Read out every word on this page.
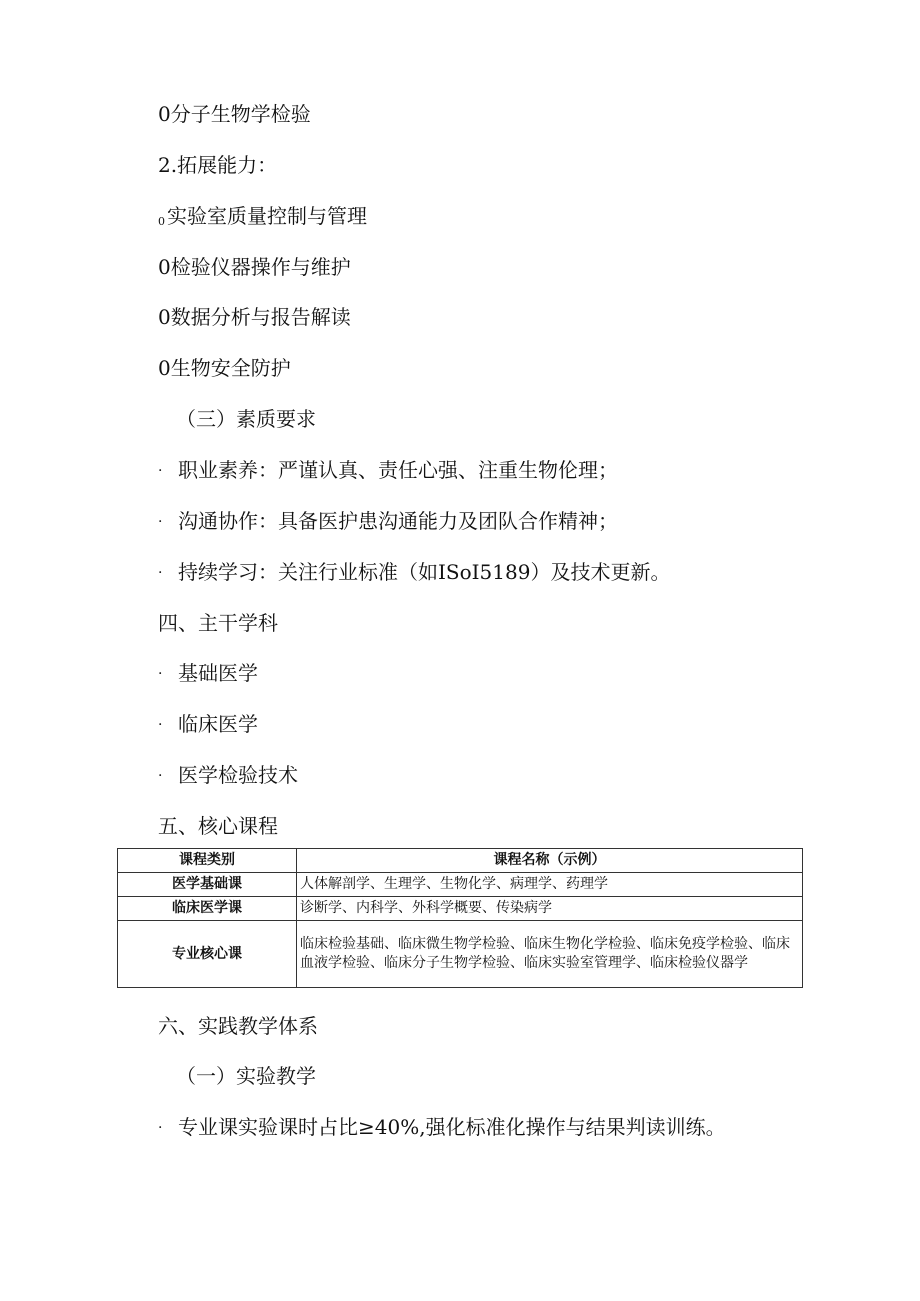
0分子生物学检验
2.拓展能力：
0 实验室质量控制与管理
0检验仪器操作与维护
0数据分析与报告解读
0生物安全防护
（三）素质要求
· 职业素养：严谨认真、责任心强、注重生物伦理；
· 沟通协作：具备医护患沟通能力及团队合作精神；
· 持续学习：关注行业标准（如ISoI5189）及技术更新。
四、主干学科
· 基础医学
· 临床医学
· 医学检验技术
五、核心课程
课程类别	课程名称（示例）
医学基础课	人体解剖学、生理学、生物化学、病理学、药理学
临床医学课	诊断学、内科学、外科学概要、传染病学
专业核心课	临床检验基础、临床微生物学检验、临床生物化学检验、临床免疫学检验、临床血液学检验、临床分子生物学检验、临床实验室管理学、临床检验仪器学
六、实践教学体系
（一）实验教学
· 专业课实验课时占比≥40%,强化标准化操作与结果判读训练。
